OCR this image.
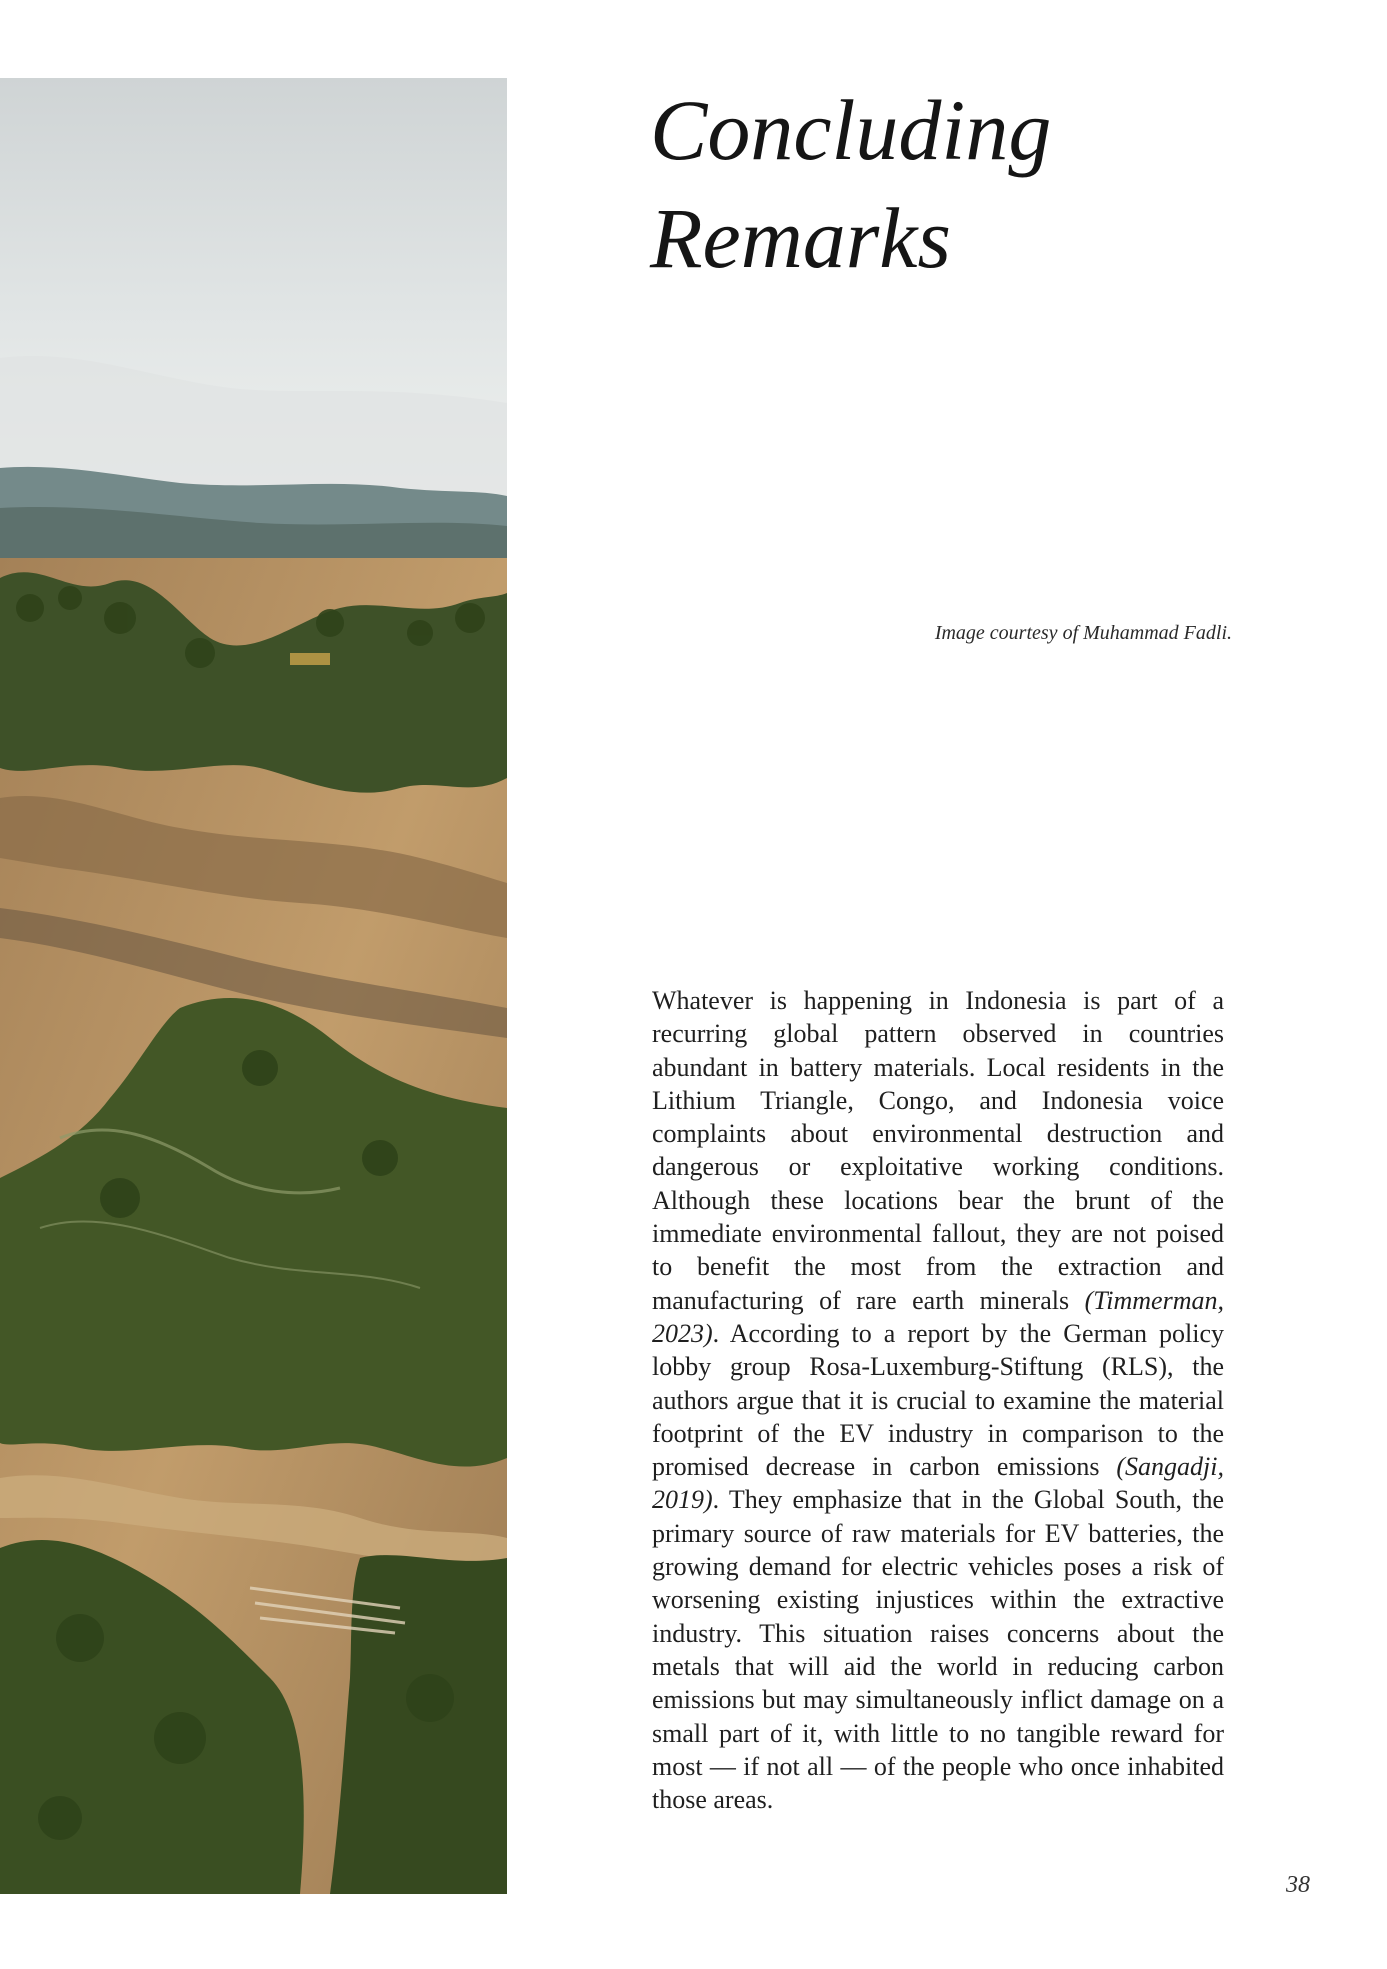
Concluding
Remarks
Image courtesy of Muhammad Fadli.

Whatever is happening in Indonesia is part of a recurring global pattern observed in countries abundant in battery materials. Local residents in the Lithium Triangle, Congo, and Indonesia voice complaints about environmental destruction and dangerous or exploitative working conditions. Although these locations bear the brunt of the immediate environmental fallout, they are not poised to benefit the most from the extraction and manufacturing of rare earth minerals (Timmerman, 2023). According to a report by the German policy lobby group Rosa-Luxemburg-Stiftung (RLS), the authors argue that it is crucial to examine the material footprint of the EV industry in comparison to the promised decrease in carbon emissions (Sangadji, 2019). They emphasize that in the Global South, the primary source of raw materials for EV batteries, the growing demand for electric vehicles poses a risk of worsening existing injustices within the extractive industry. This situation raises concerns about the metals that will aid the world in reducing carbon emissions but may simultaneously inflict damage on a small part of it, with little to no tangible reward for most — if not all — of the people who once inhabited those areas.

38
